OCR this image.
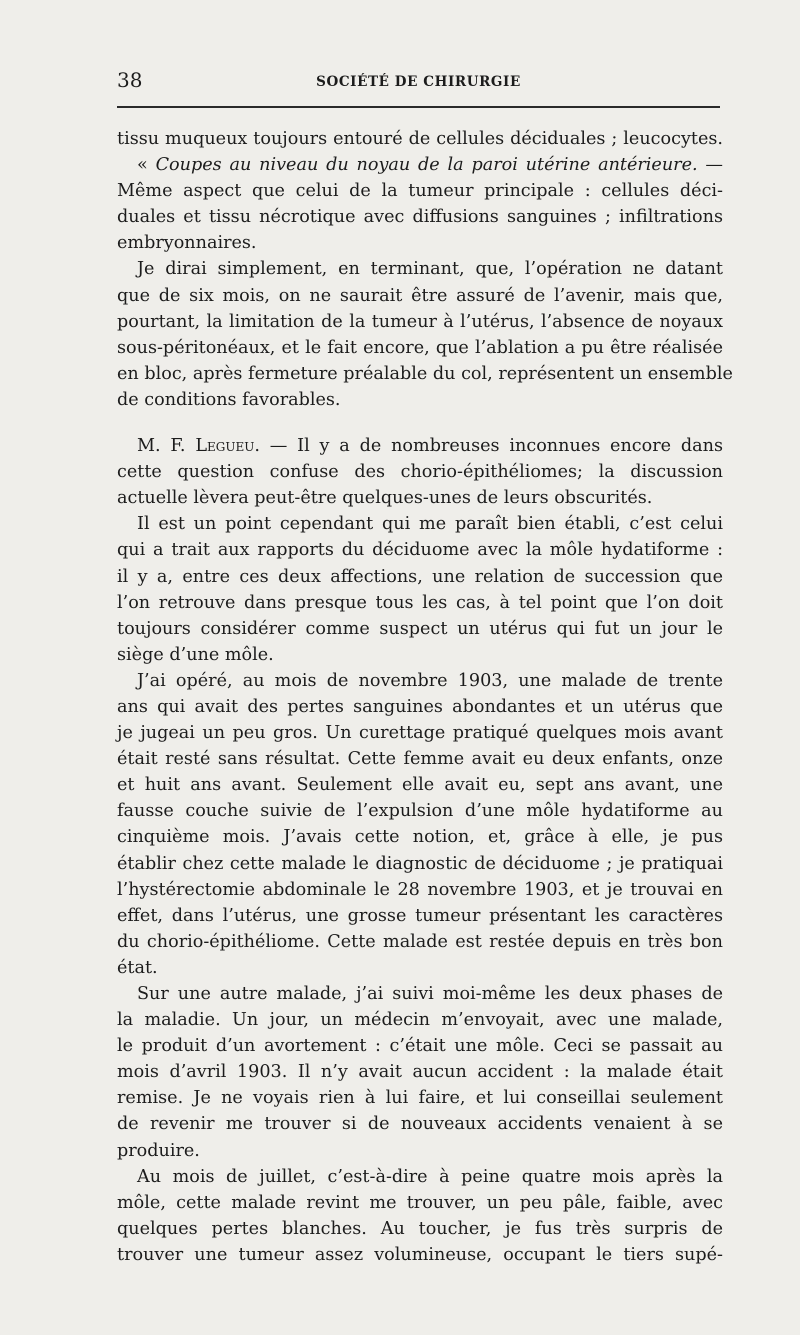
38	SOCIÉTÉ DE CHIRURGIE
tissu muqueux toujours entouré de cellules déciduales ; leucocytes.
« Coupes au niveau du noyau de la paroi utérine antérieure. —
Même aspect que celui de la tumeur principale : cellules déci-
duales et tissu nécrotique avec diffusions sanguines ; infiltrations
embryonnaires.
Je dirai simplement, en terminant, que, l’opération ne datant
que de six mois, on ne saurait être assuré de l’avenir, mais que,
pourtant, la limitation de la tumeur à l’utérus, l’absence de noyaux
sous-péritonéaux, et le fait encore, que l’ablation a pu être réalisée
en bloc, après fermeture préalable du col, représentent un ensemble
de conditions favorables.
M. F. Legueu. — Il y a de nombreuses inconnues encore dans
cette question confuse des chorio-épithéliomes; la discussion
actuelle lèvera peut-être quelques-unes de leurs obscurités.
Il est un point cependant qui me paraît bien établi, c’est celui
qui a trait aux rapports du déciduome avec la môle hydatiforme :
il y a, entre ces deux affections, une relation de succession que
l’on retrouve dans presque tous les cas, à tel point que l’on doit
toujours considérer comme suspect un utérus qui fut un jour le
siège d’une môle.
J’ai opéré, au mois de novembre 1903, une malade de trente
ans qui avait des pertes sanguines abondantes et un utérus que
je jugeai un peu gros. Un curettage pratiqué quelques mois avant
était resté sans résultat. Cette femme avait eu deux enfants, onze
et huit ans avant. Seulement elle avait eu, sept ans avant, une
fausse couche suivie de l’expulsion d’une môle hydatiforme au
cinquième mois. J’avais cette notion, et, grâce à elle, je pus
établir chez cette malade le diagnostic de déciduome ; je pratiquai
l’hystérectomie abdominale le 28 novembre 1903, et je trouvai en
effet, dans l’utérus, une grosse tumeur présentant les caractères
du chorio-épithéliome. Cette malade est restée depuis en très bon
état.
Sur une autre malade, j’ai suivi moi-même les deux phases de
la maladie. Un jour, un médecin m’envoyait, avec une malade,
le produit d’un avortement : c’était une môle. Ceci se passait au
mois d’avril 1903. Il n’y avait aucun accident : la malade était
remise. Je ne voyais rien à lui faire, et lui conseillai seulement
de revenir me trouver si de nouveaux accidents venaient à se
produire.
Au mois de juillet, c’est-à-dire à peine quatre mois après la
môle, cette malade revint me trouver, un peu pâle, faible, avec
quelques pertes blanches. Au toucher, je fus très surpris de
trouver une tumeur assez volumineuse, occupant le tiers supé-
